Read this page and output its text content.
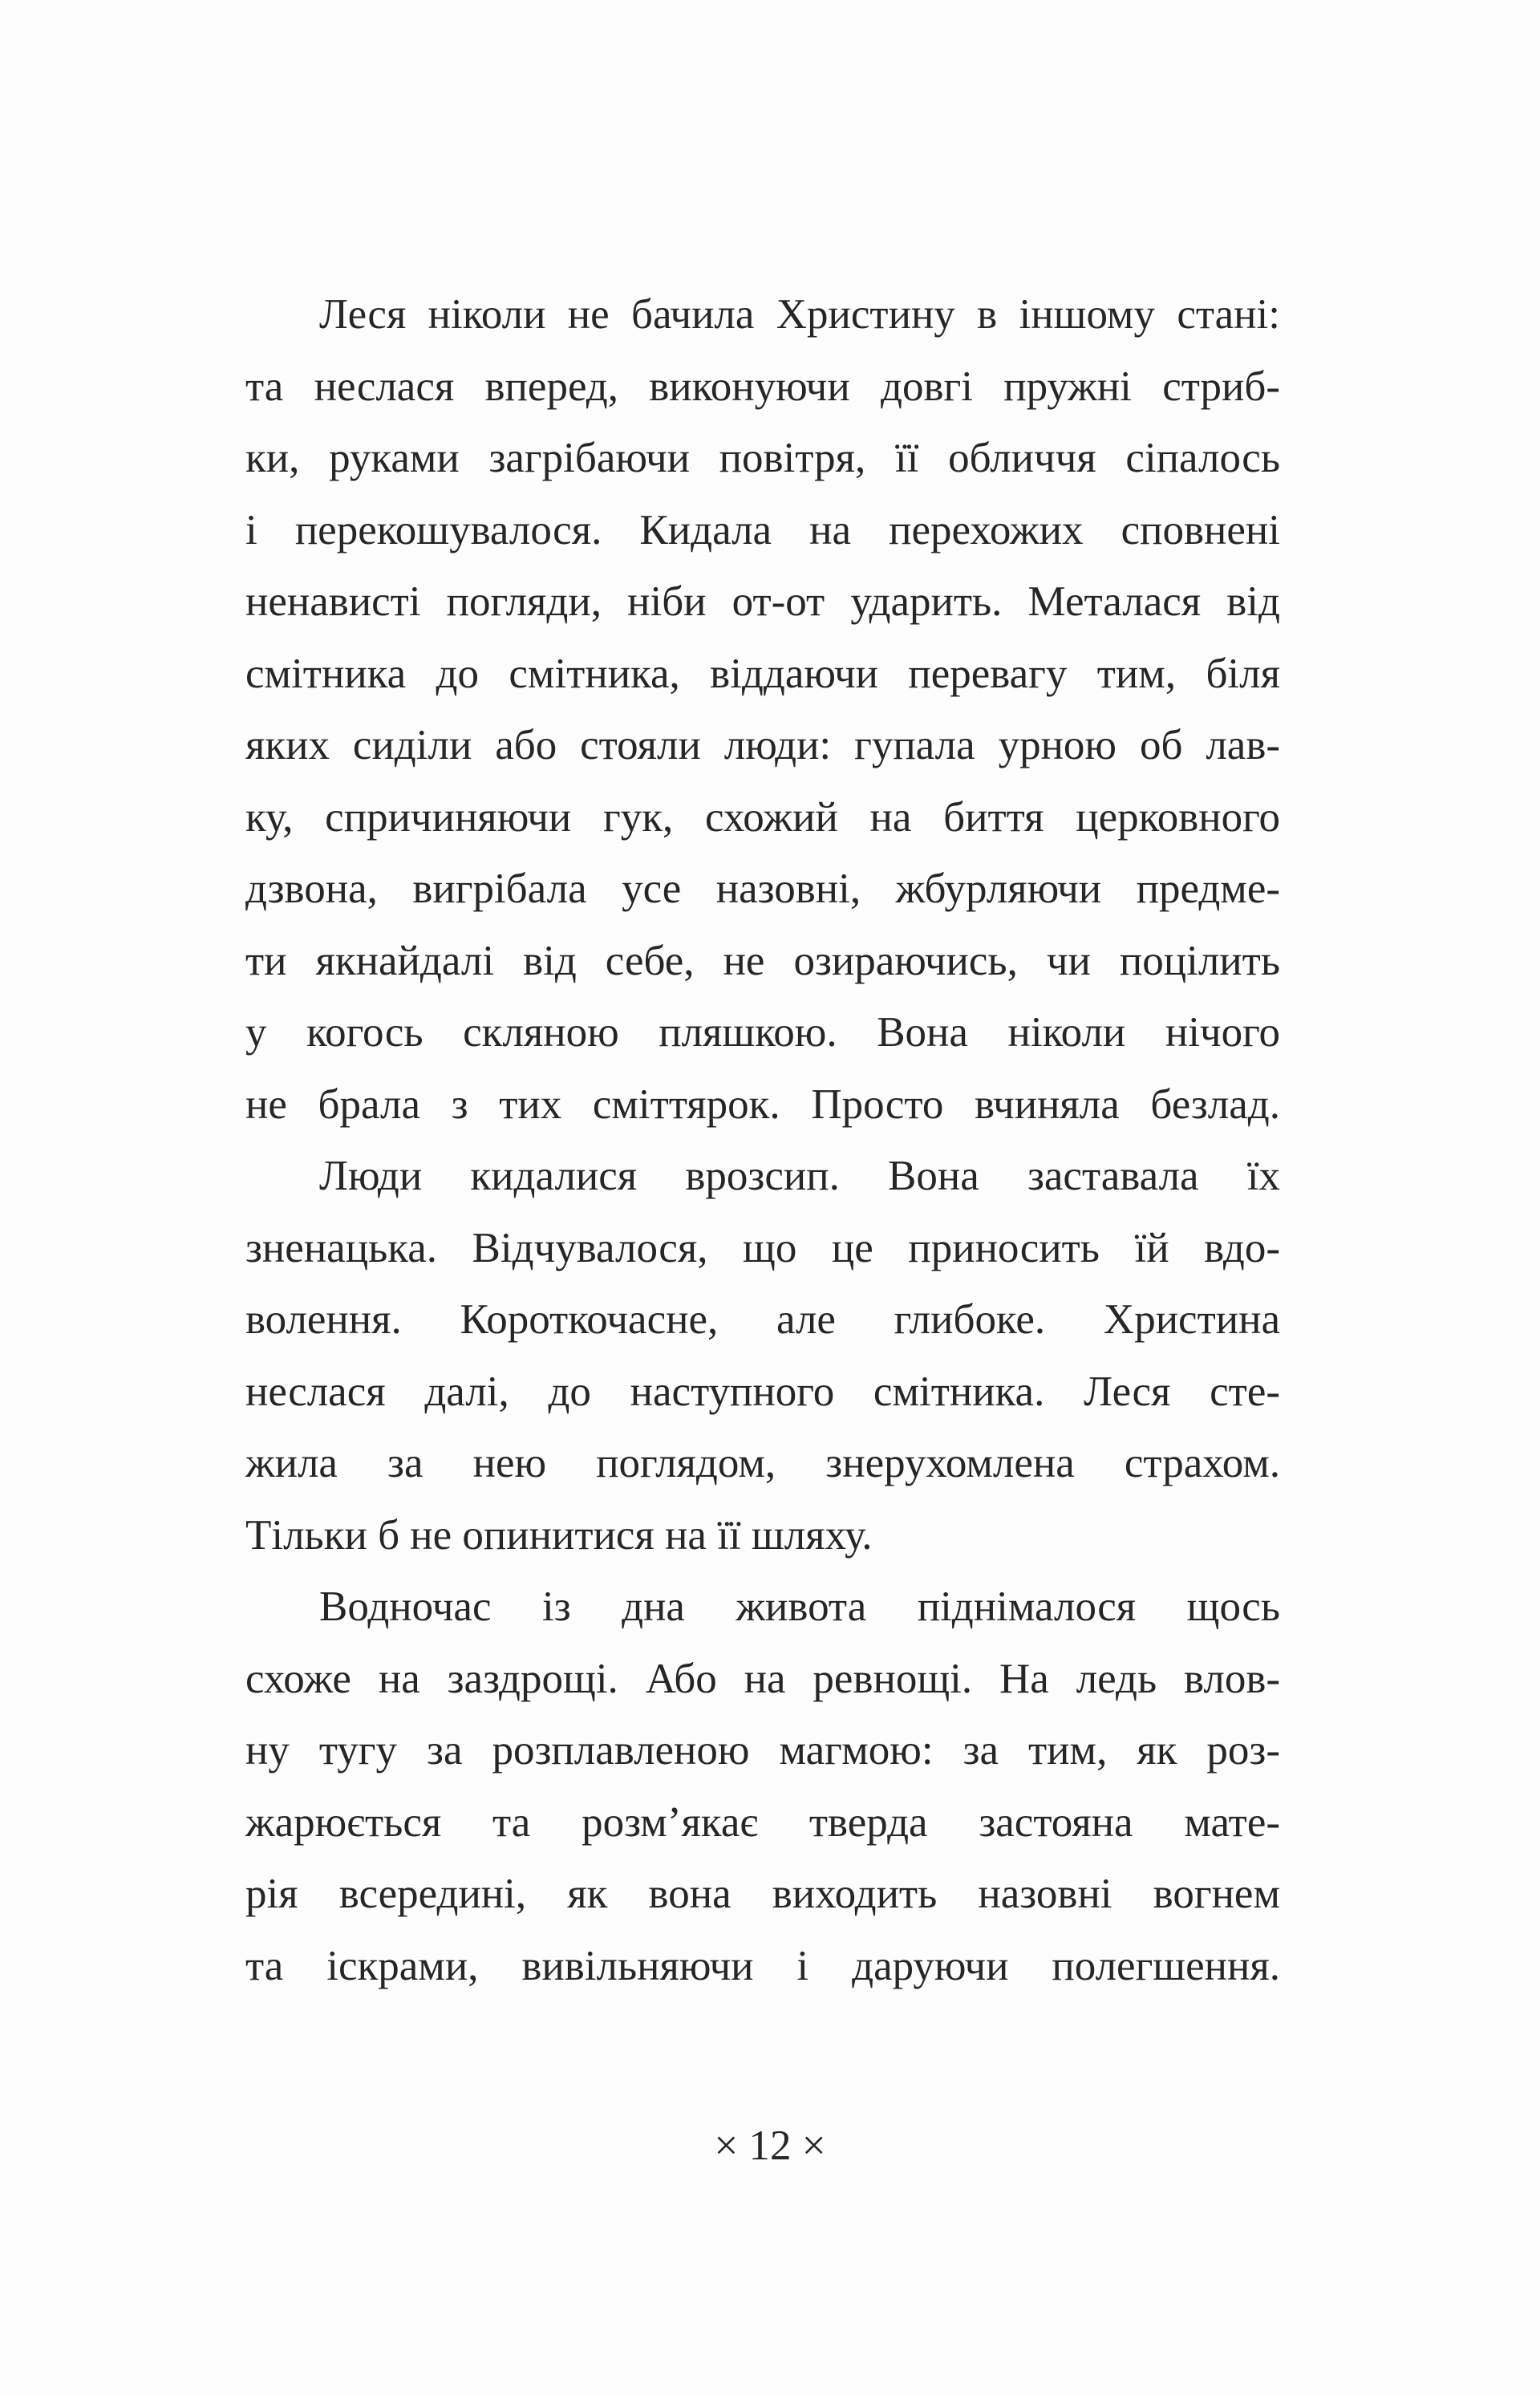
Леся ніколи не бачила Христину в іншому стані:
та неслася вперед, виконуючи довгі пружні стриб-
ки, руками загрібаючи повітря, її обличчя сіпалось
і перекошувалося. Кидала на перехожих сповнені
ненависті погляди, ніби от-от ударить. Металася від
смітника до смітника, віддаючи перевагу тим, біля
яких сиділи або стояли люди: гупала урною об лав-
ку, спричиняючи гук, схожий на биття церковного
дзвона, вигрібала усе назовні, жбурляючи предме-
ти якнайдалі від себе, не озираючись, чи поцілить
у когось скляною пляшкою. Вона ніколи нічого
не брала з тих сміттярок. Просто вчиняла безлад.
Люди кидалися врозсип. Вона заставала їх
зненацька. Відчувалося, що це приносить їй вдо-
волення. Короткочасне, але глибоке. Христина
неслася далі, до наступного смітника. Леся сте-
жила за нею поглядом, знерухомлена страхом.
Тільки б не опинитися на її шляху.
Водночас із дна живота піднімалося щось
схоже на заздрощі. Або на ревнощі. На ледь влов-
ну тугу за розплавленою магмою: за тим, як роз-
жарюється та розм’якає тверда застояна мате-
рія всередині, як вона виходить назовні вогнем
та іскрами, вивільняючи і даруючи полегшення.
× 12 ×
